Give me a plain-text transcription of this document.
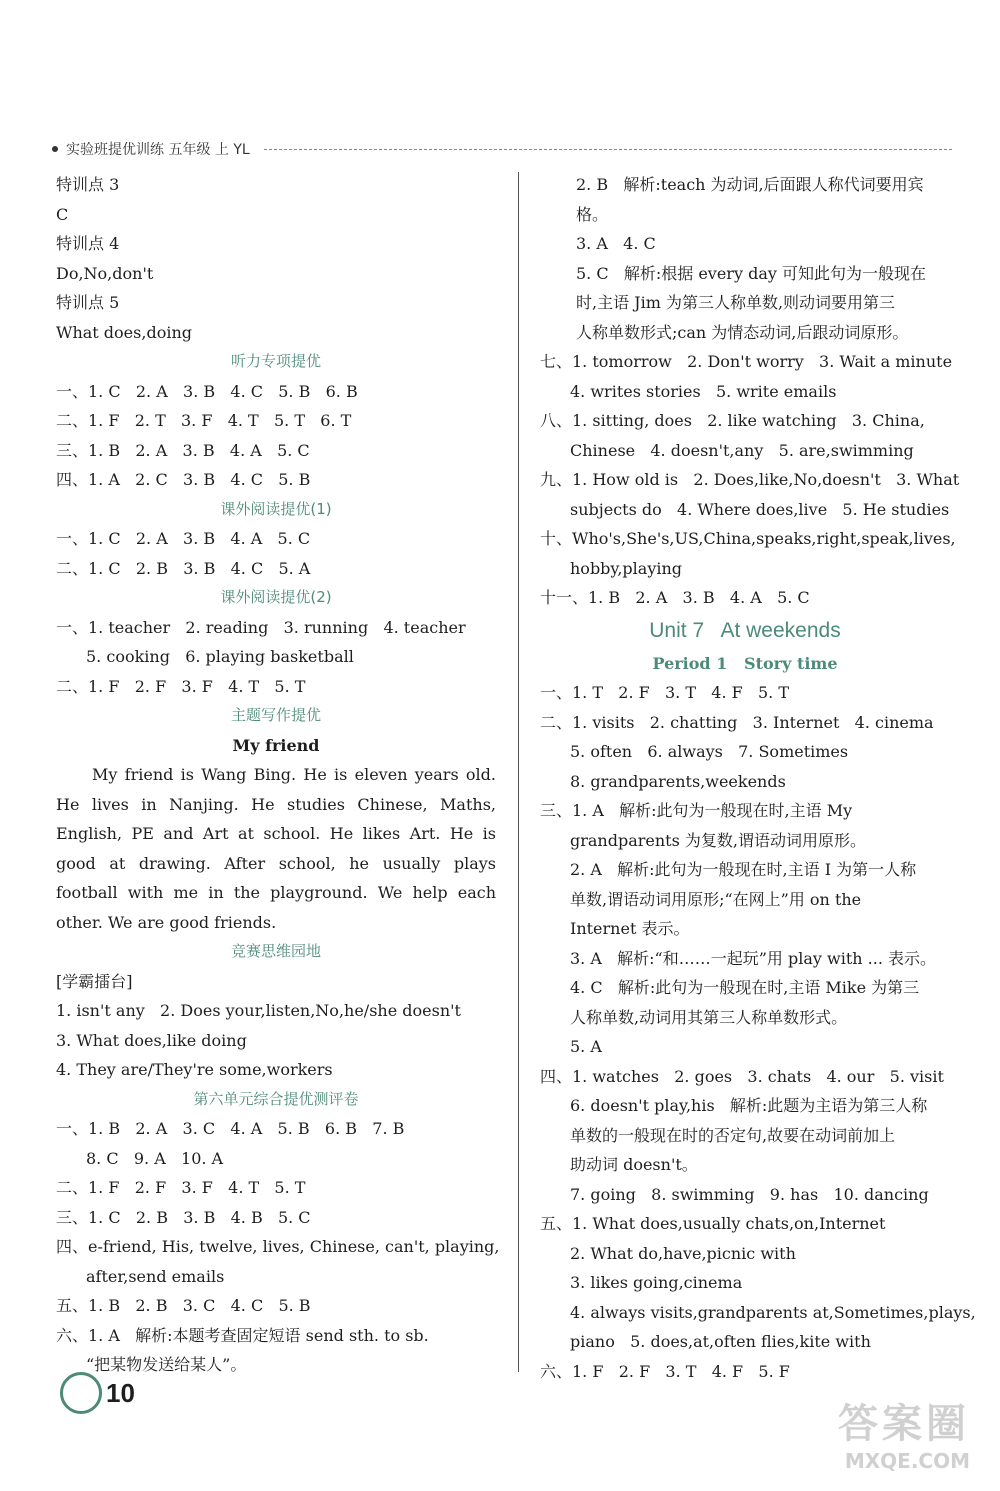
实验班提优训练 五年级 上 YL
特训点 3
C
特训点 4
Do,No,don't
特训点 5
What does,doing
听力专项提优
一、1. C   2. A   3. B   4. C   5. B   6. B
二、1. F   2. T   3. F   4. T   5. T   6. T
三、1. B   2. A   3. B   4. A   5. C
四、1. A   2. C   3. B   4. C   5. B
课外阅读提优(1)
一、1. C   2. A   3. B   4. A   5. C
二、1. C   2. B   3. B   4. C   5. A
课外阅读提优(2)
一、1. teacher   2. reading   3. running   4. teacher
5. cooking   6. playing basketball
二、1. F   2. F   3. F   4. T   5. T
主题写作提优
My friend
My friend is Wang Bing. He is eleven years old. He lives in Nanjing. He studies Chinese, Maths, English, PE and Art at school. He likes Art. He is good at drawing. After school, he usually plays football with me in the playground. We help each other. We are good friends.
竞赛思维园地
[学霸擂台]
1. isn't any   2. Does your,listen,No,he/she doesn't
3. What does,like doing
4. They are/They're some,workers
第六单元综合提优测评卷
一、1. B   2. A   3. C   4. A   5. B   6. B   7. B
8. C   9. A   10. A
二、1. F   2. F   3. F   4. T   5. T
三、1. C   2. B   3. B   4. B   5. C
四、e-friend, His, twelve, lives, Chinese, can't, playing,
after,send emails
五、1. B   2. B   3. C   4. C   5. B
六、1. A   解析:本题考查固定短语 send sth. to sb.
“把某物发送给某人”。
2. B   解析:teach 为动词,后面跟人称代词要用宾
格。
3. A   4. C
5. C   解析:根据 every day 可知此句为一般现在
时,主语 Jim 为第三人称单数,则动词要用第三
人称单数形式;can 为情态动词,后跟动词原形。
七、1. tomorrow   2. Don't worry   3. Wait a minute
4. writes stories   5. write emails
八、1. sitting, does   2. like watching   3. China,
Chinese   4. doesn't,any   5. are,swimming
九、1. How old is   2. Does,like,No,doesn't   3. What
subjects do   4. Where does,live   5. He studies
十、Who's,She's,US,China,speaks,right,speak,lives,
hobby,playing
十一、1. B   2. A   3. B   4. A   5. C
Unit 7   At weekends
Period 1   Story time
一、1. T   2. F   3. T   4. F   5. T
二、1. visits   2. chatting   3. Internet   4. cinema
5. often   6. always   7. Sometimes
8. grandparents,weekends
三、1. A   解析:此句为一般现在时,主语 My
grandparents 为复数,谓语动词用原形。
2. A   解析:此句为一般现在时,主语 I 为第一人称
单数,谓语动词用原形;“在网上”用 on the
Internet 表示。
3. A   解析:“和……一起玩”用 play with ... 表示。
4. C   解析:此句为一般现在时,主语 Mike 为第三
人称单数,动词用其第三人称单数形式。
5. A
四、1. watches   2. goes   3. chats   4. our   5. visit
6. doesn't play,his   解析:此题为主语为第三人称
单数的一般现在时的否定句,故要在动词前加上
助动词 doesn't。
7. going   8. swimming   9. has   10. dancing
五、1. What does,usually chats,on,Internet
2. What do,have,picnic with
3. likes going,cinema
4. always visits,grandparents at,Sometimes,plays,
piano   5. does,at,often flies,kite with
六、1. F   2. F   3. T   4. F   5. F
10
答案圈
MXQE.COM
